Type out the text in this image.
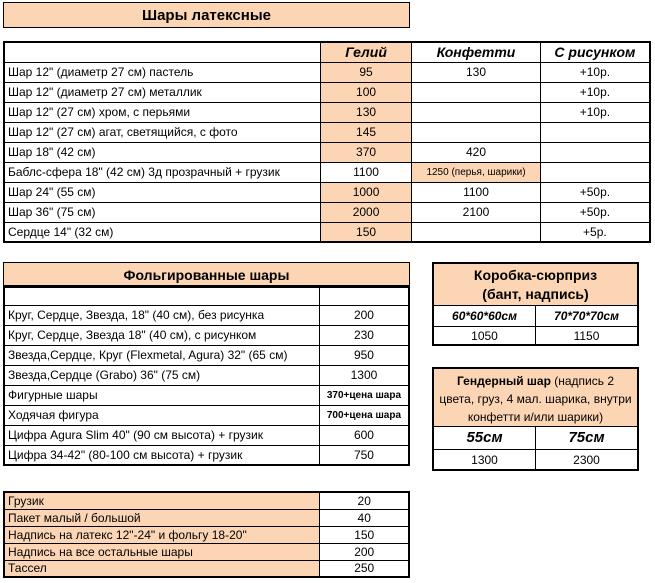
Шары латексные
	Гелий	Конфетти	С рисунком
Шар 12" (диаметр 27 см) пастель	95	130	+10р.
Шар 12" (диаметр 27 см) металлик	100		+10р.
Шар 12" (27 см) хром, с перьями	130		+10р.
Шар 12" (27 см) агат, светящийся, с фото	145		
Шар 18" (42 см)	370	420	
Баблс-сфера 18" (42 см) 3д прозрачный + грузик	1100	1250 (перья, шарики)	
Шар 24" (55 см)	1000	1100	+50р.
Шар 36" (75 см)	2000	2100	+50р.
Сердце 14" (32 см)	150		+5р.
Фольгированные шары

Круг, Сердце, Звезда, 18" (40 см), без рисунка	200
Круг, Сердце, Звезда 18" (40 см), с рисунком	230
Звезда,Сердце, Круг (Flexmetal, Agura) 32" (65 см)	950
Звезда,Сердце (Grabo) 36" (75 см)	1300
Фигурные шары	370+цена шара
Ходячая фигура	700+цена шара
Цифра Agura Slim 40" (90 см высота) + грузик	600
Цифра 34-42" (80-100 см высота) + грузик	750
Коробка-сюрприз
(бант, надпись)
60*60*60см	70*70*70см
1050	1150
Гендерный шар (надпись 2 цвета, груз, 4 мал. шарика, внутри конфетти и/или шарики)
55см	75см
1300	2300
Грузик	20
Пакет малый / большой	40
Надпись на латекс 12"-24" и фольгу 18-20"	150
Надпись на все остальные шары	200
Тассел	250
